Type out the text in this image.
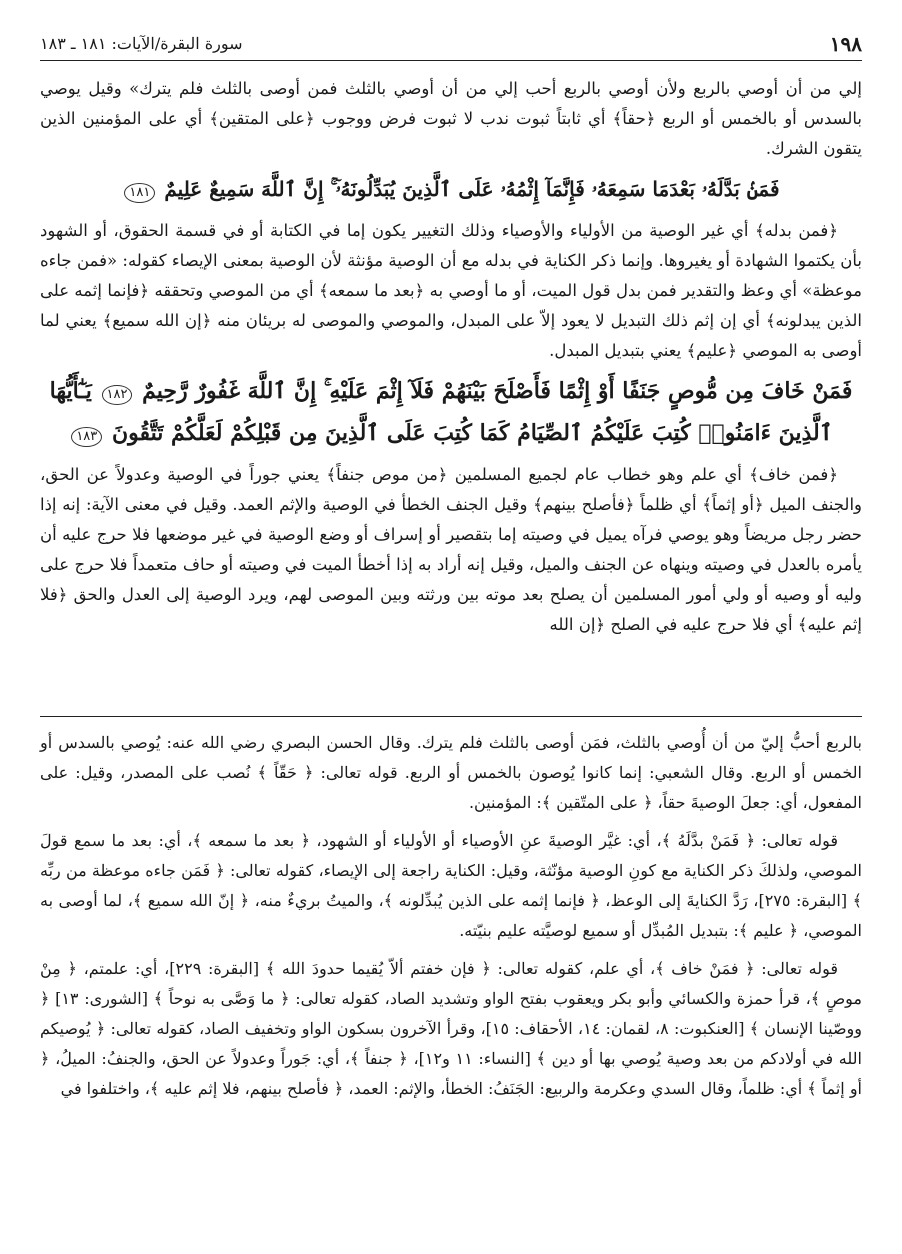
١٩٨
سورة البقرة/الآيات: ١٨١ ـ ١٨٣

إلي من أن أوصي بالربع ولأن أوصي بالربع أحب إلي من أن أوصي بالثلث فمن أوصى بالثلث فلم يترك» وقيل يوصي بالسدس أو بالخمس أو الربع ﴿حقاً﴾ أي ثابتاً ثبوت ندب لا ثبوت فرض ووجوب ﴿على المتقين﴾ أي على المؤمنين الذين يتقون الشرك.

فَمَنۢ بَدَّلَهُۥ بَعْدَمَا سَمِعَهُۥ فَإِنَّمَآ إِثْمُهُۥ عَلَى ٱلَّذِينَ يُبَدِّلُونَهُۥٓ ۚ إِنَّ ٱللَّهَ سَمِيعٌ عَلِيمٌ ١٨١

﴿فمن بدله﴾ أي غير الوصية من الأولياء والأوصياء وذلك التغيير يكون إما في الكتابة أو في قسمة الحقوق، أو الشهود بأن يكتموا الشهادة أو يغيروها. وإنما ذكر الكناية في بدله مع أن الوصية مؤنثة لأن الوصية بمعنى الإيصاء كقوله: «فمن جاءه موعظة» أي وعظ والتقدير فمن بدل قول الميت، أو ما أوصي به ﴿بعد ما سمعه﴾ أي من الموصي وتحققه ﴿فإنما إثمه على الذين يبدلونه﴾ أي إن إثم ذلك التبديل لا يعود إلاّ على المبدل، والموصي والموصى له بريئان منه ﴿إن الله سميع﴾ يعني لما أوصى به الموصي ﴿عليم﴾ يعني بتبديل المبدل.

فَمَنْ خَافَ مِن مُّوصٍ جَنَفًا أَوْ إِثْمًا فَأَصْلَحَ بَيْنَهُمْ فَلَآ إِثْمَ عَلَيْهِ ۚ إِنَّ ٱللَّهَ غَفُورٌ رَّحِيمٌ ١٨٢ يَـٰٓأَيُّهَا ٱلَّذِينَ ءَامَنُوا۟ كُتِبَ عَلَيْكُمُ ٱلصِّيَامُ كَمَا كُتِبَ عَلَى ٱلَّذِينَ مِن قَبْلِكُمْ لَعَلَّكُمْ تَتَّقُونَ ١٨٣

﴿فمن خاف﴾ أي علم وهو خطاب عام لجميع المسلمين ﴿من موص جنفاً﴾ يعني جوراً في الوصية وعدولاً عن الحق، والجنف الميل ﴿أو إثماً﴾ أي ظلماً ﴿فأصلح بينهم﴾ وقيل الجنف الخطأ في الوصية والإثم العمد. وقيل في معنى الآية: إنه إذا حضر رجل مريضاً وهو يوصي فرآه يميل في وصيته إما بتقصير أو إسراف أو وضع الوصية في غير موضعها فلا حرج عليه أن يأمره بالعدل في وصيته وينهاه عن الجنف والميل، وقيل إنه أراد به إذا أخطأ الميت في وصيته أو حاف متعمداً فلا حرج على وليه أو وصيه أو ولي أمور المسلمين أن يصلح بعد موته بين ورثته وبين الموصى لهم، ويرد الوصية إلى العدل والحق ﴿فلا إثم عليه﴾ أي فلا حرج عليه في الصلح ﴿إن الله

بالربع أحبُّ إليّ من أن أُوصي بالثلث، فمَن أوصى بالثلث فلم يترك. وقال الحسن البصري رضي الله عنه: يُوصي بالسدس أو الخمس أو الربع. وقال الشعبي: إنما كانوا يُوصون بالخمس أو الربع. قوله تعالى: ﴿ حَقّاً ﴾ نُصب على المصدر، وقيل: على المفعول، أي: جعلَ الوصيةَ حقاً، ﴿ على المتّقين ﴾: المؤمنين.

قوله تعالى: ﴿ فَمَنْ بدَّلَهُ ﴾، أي: غيَّر الوصيةَ عنِ الأوصياء أو الأولياء أو الشهود، ﴿ بعد ما سمعه ﴾، أي: بعد ما سمع قولَ الموصي، ولذلكَ ذكر الكناية مع كونِ الوصية مؤنّثة، وقيل: الكناية راجعة إلى الإيصاء، كقوله تعالى: ﴿ فَمَن جاءه موعظة من ربِّه ﴾ [البقرة: ٢٧٥]، رَدَّ الكنايةَ إلى الوعظ، ﴿ فإنما إثمه على الذين يُبدِّلونه ﴾، والميتُ بريءٌ منه، ﴿ إنّ الله سميع ﴾، لما أوصى به الموصي، ﴿ عليم ﴾: بتبديل المُبدِّل أو سميع لوصيَّته عليم بنيّته.

قوله تعالى: ﴿ فمَنْ خاف ﴾، أي علم، كقوله تعالى: ﴿ فإن خفتم ألاّ يُقيما حدودَ الله ﴾ [البقرة: ٢٢٩]، أي: علمتم، ﴿ مِنْ موصٍ ﴾، قرأ حمزة والكسائي وأبو بكر ويعقوب بفتح الواو وتشديد الصاد، كقوله تعالى: ﴿ ما وَصَّى به نوحاً ﴾ [الشورى: ١٣] ﴿ ووصّينا الإنسان ﴾ [العنكبوت: ٨، لقمان: ١٤، الأحقاف: ١٥]، وقرأ الآخرون بسكون الواو وتخفيف الصاد، كقوله تعالى: ﴿ يُوصيكم الله في أولادكم من بعد وصية يُوصي بها أو دين ﴾ [النساء: ١١ و١٢]، ﴿ جنفاً ﴾، أي: جَوراً وعدولاً عن الحق، والجنفُ: الميلُ، ﴿ أو إثماً ﴾ أي: ظلماً، وقال السدي وعكرمة والربيع: الجَنَفُ: الخطأ، والإثم: العمد، ﴿ فأصلح بينهم، فلا إثم عليه ﴾، واختلفوا في
